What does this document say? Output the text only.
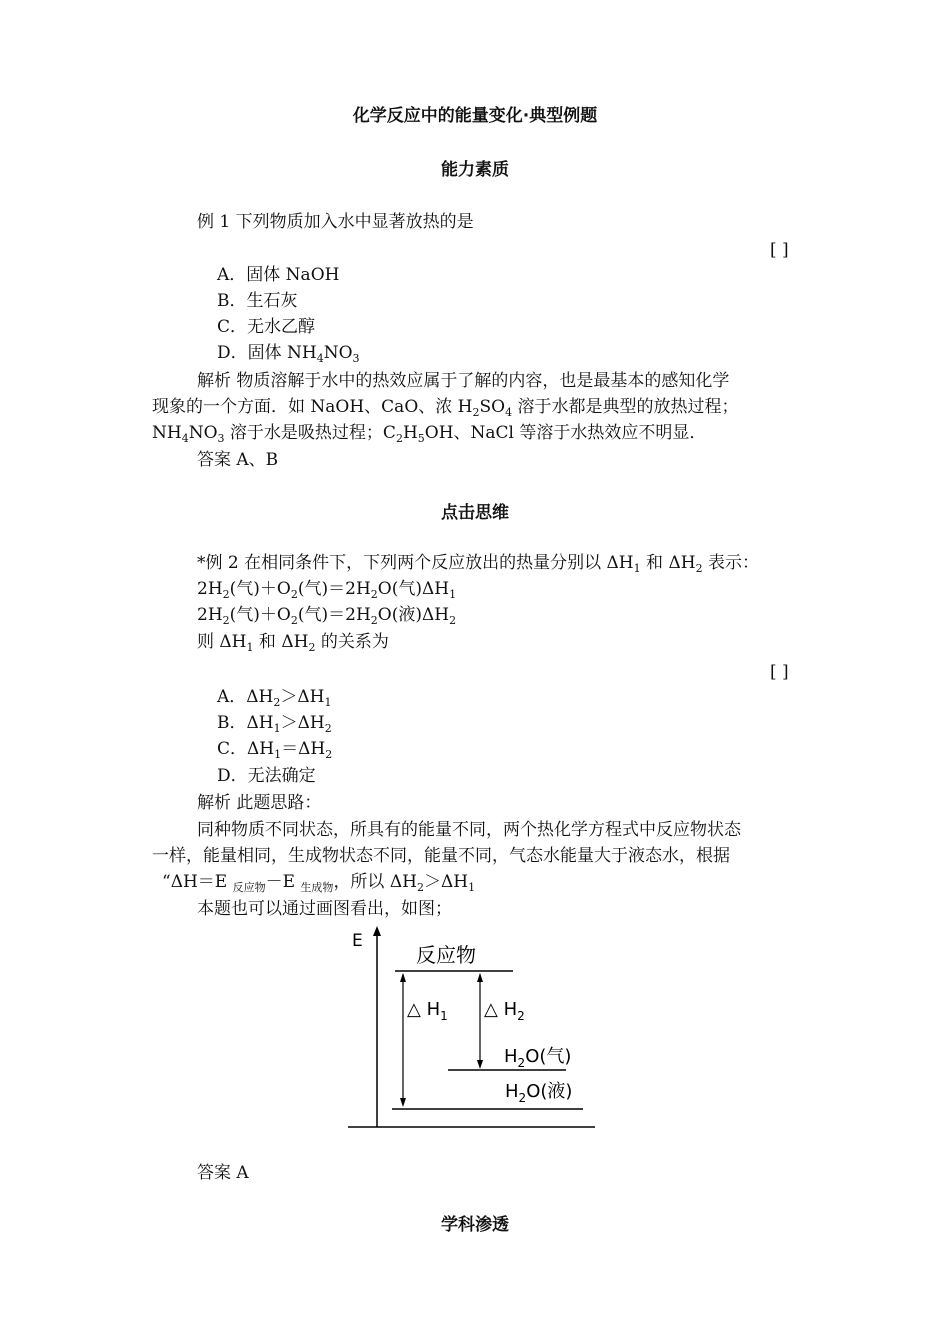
化学反应中的能量变化·典型例题
能力素质
例 1 下列物质加入水中显著放热的是
[ ]
A．固体 NaOH
B．生石灰
C．无水乙醇
D．固体 $NH_4NO_3$
解析 物质溶解于水中的热效应属于了解的内容，也是最基本的感知化学
现象的一个方面．如 NaOH、CaO、浓 $H_2SO_4$ 溶于水都是典型的放热过程；
$NH_4NO_3$ 溶于水是吸热过程；$C_2H_5OH$、NaCl 等溶于水热效应不明显．
答案 A、B
点击思维
*例 2 在相同条件下，下列两个反应放出的热量分别以 $\Delta H_1$ 和 $\Delta H_2$ 表示：
$2H_2$(气)$+O_2$(气)$=2H_2O$(气)$\Delta H_1$
$2H_2$(气)$+O_2$(气)$=2H_2O$(液)$\Delta H_2$
则 $\Delta H_1$ 和 $\Delta H_2$ 的关系为
[ ]
A．$\Delta H_2>\Delta H_1$
B．$\Delta H_1>\Delta H_2$
C．$\Delta H_1=\Delta H_2$
D．无法确定
解析 此题思路：
同种物质不同状态，所具有的能量不同，两个热化学方程式中反应物状态
一样，能量相同，生成物状态不同，能量不同，气态水能量大于液态水，根据
“ΔH＝E $_{反应物}$－E $_{生成物}$，所以 $\Delta H_2>\Delta H_1$
本题也可以通过画图看出，如图；
E
反应物
$H_2O$(气)
$H_2O$(液)
△ $H_1$ △ $H_2$
答案 A
学科渗透
